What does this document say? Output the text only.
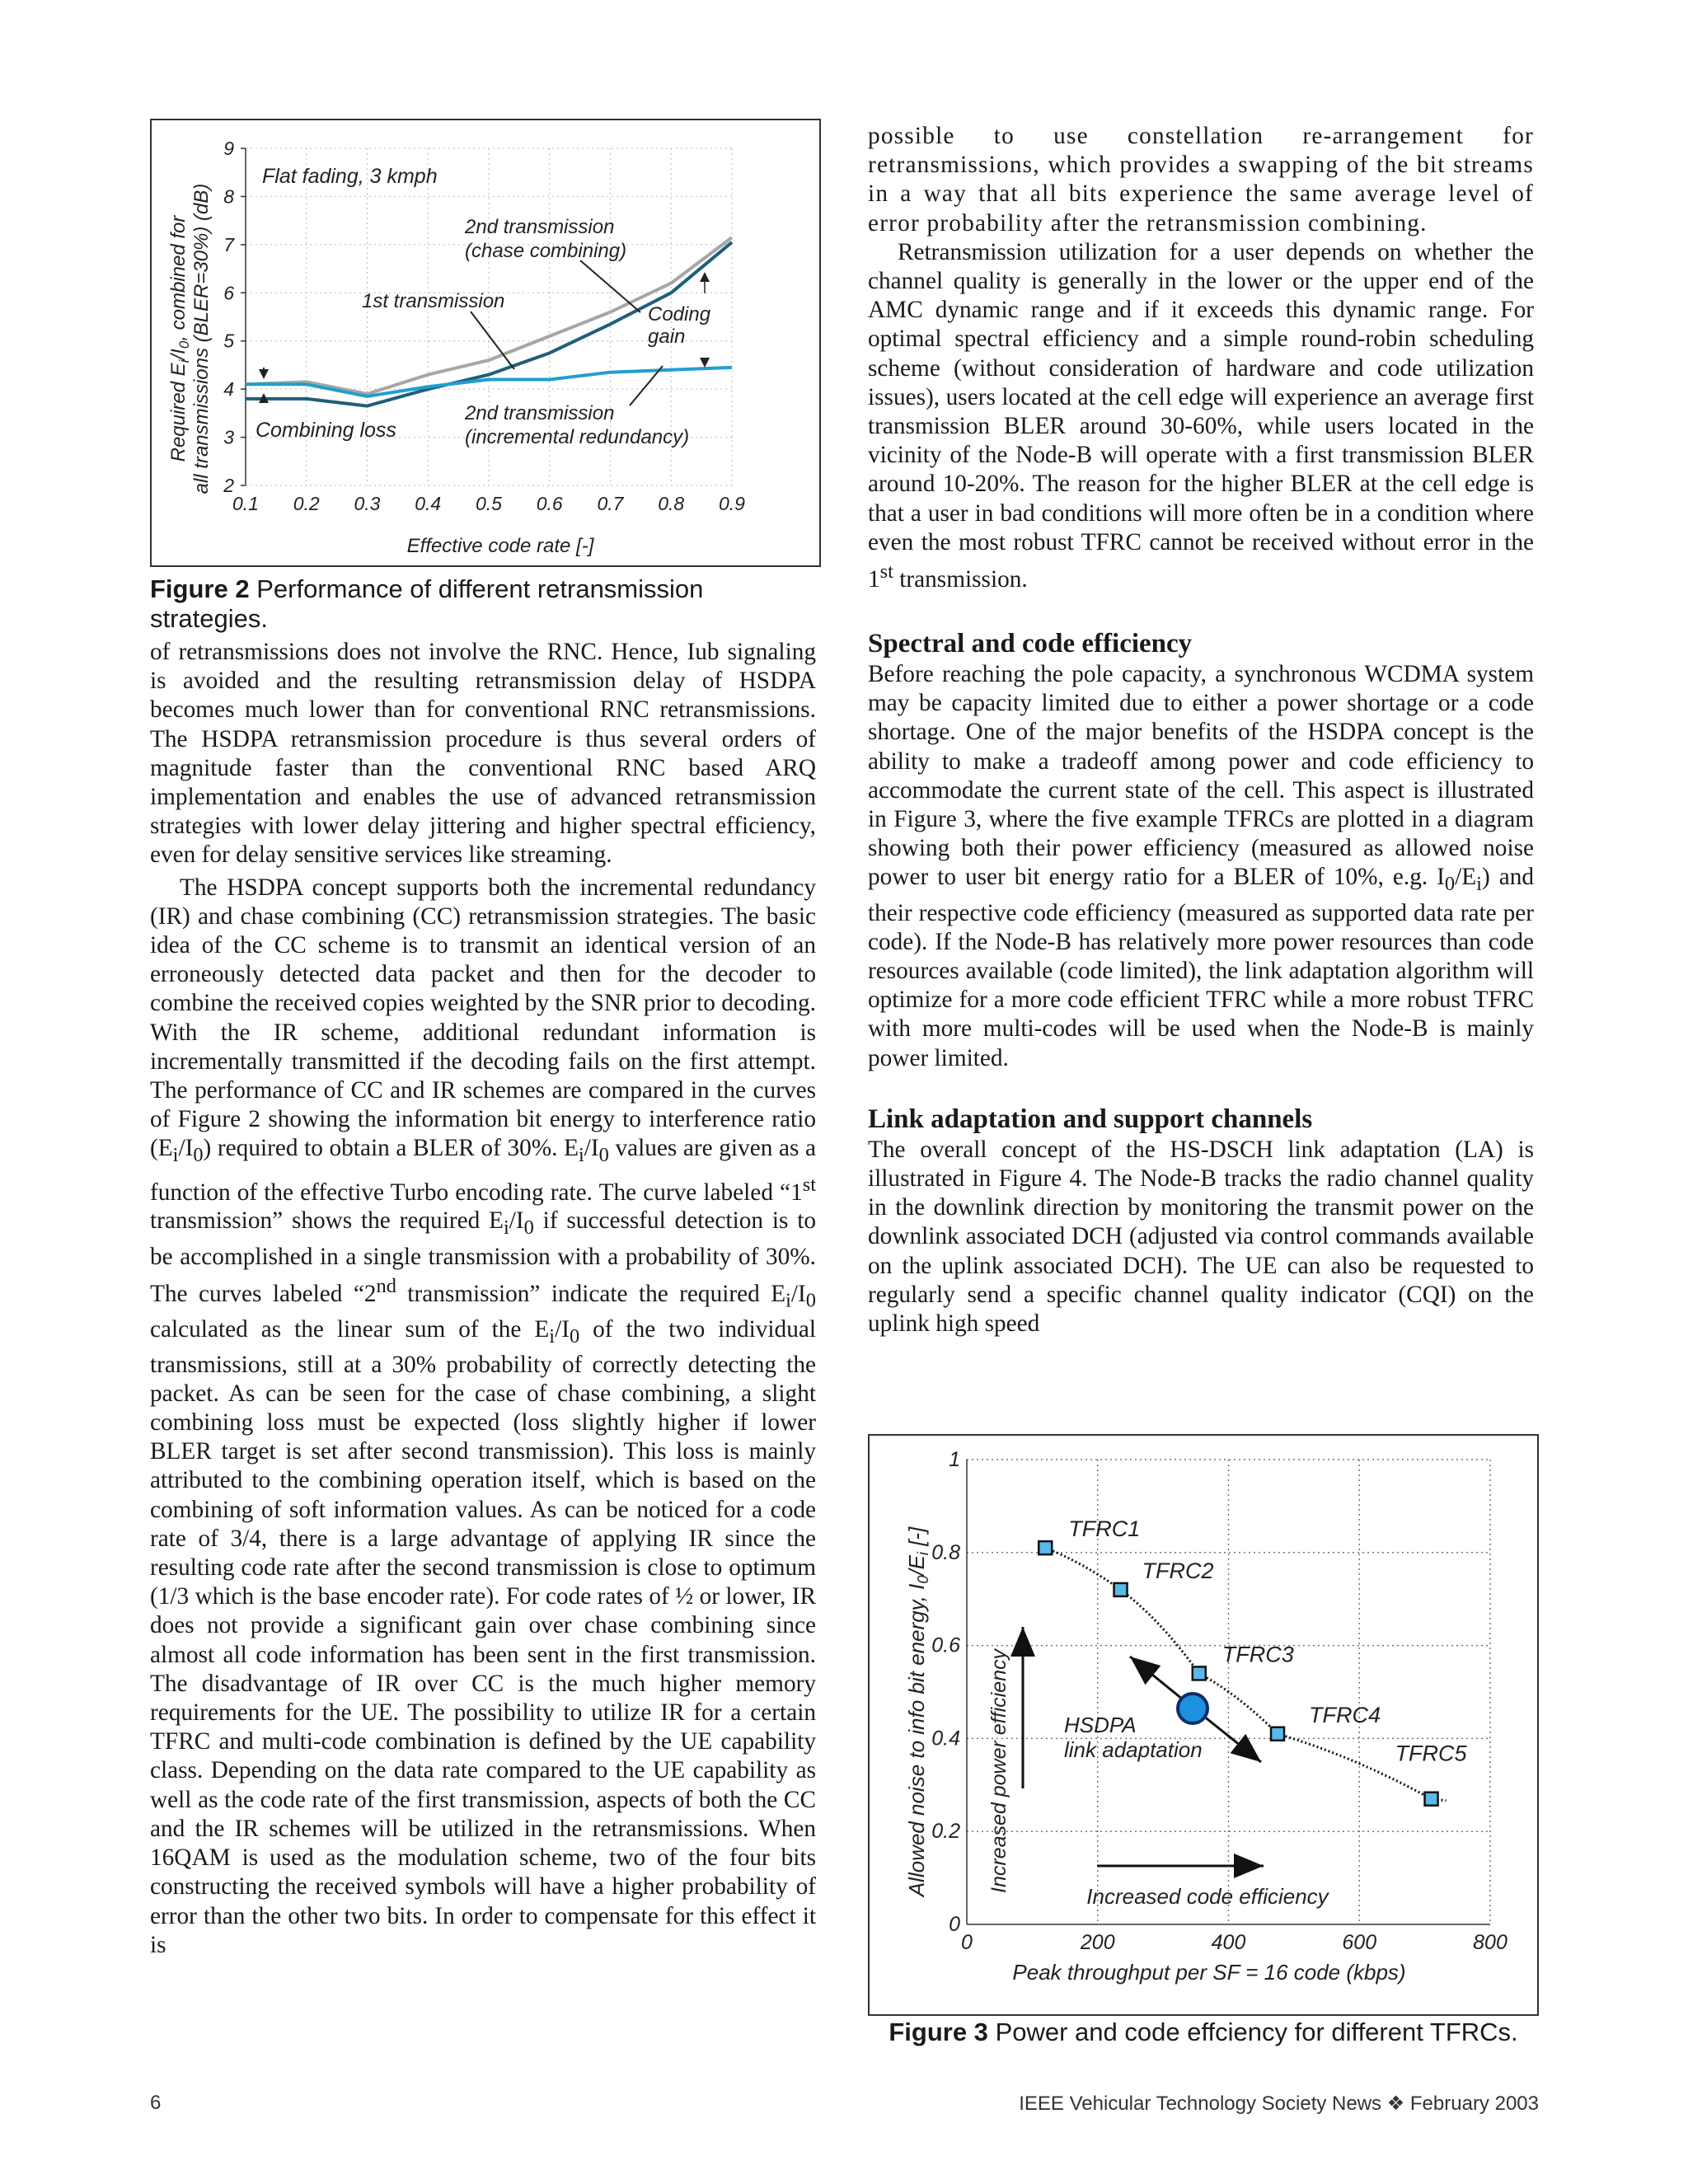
0.1 0.2 0.3 0.4 0.5 0.6 0.7 0.8 0.9
2
3
4
5
6
7
8
9
Required $E_i/I_0$, combined for all transmissions (BLER=30%) (dB)
Effective code rate [-]
Flat fading, 3 kmph
2nd transmission
(chase combining)
1st transmission
Coding
gain
Combining loss
2nd transmission
(incremental redundancy)
Figure 2 Performance of different retransmission strategies.

of retransmissions does not involve the RNC. Hence, Iub signaling is avoided and the resulting retransmission delay of HSDPA becomes much lower than for conventional RNC retransmissions. The HSDPA retransmission procedure is thus several orders of magnitude faster than the conventional RNC based ARQ implementation and enables the use of advanced retransmission strategies with lower delay jittering and higher spectral efficiency, even for delay sensitive services like streaming.

The HSDPA concept supports both the incremental redundancy (IR) and chase combining (CC) retransmission strategies. The basic idea of the CC scheme is to transmit an identical version of an erroneously detected data packet and then for the decoder to combine the received copies weighted by the SNR prior to decoding. With the IR scheme, additional redundant information is incrementally transmitted if the decoding fails on the first attempt. The performance of CC and IR schemes are compared in the curves of Figure 2 showing the information bit energy to interference ratio $(E_i/I_0)$ required to obtain a BLER of 30%. $E_i/I_0$ values are given as a function of the effective Turbo encoding rate. The curve labeled “1st transmission” shows the required $E_i/I_0$ if successful detection is to be accomplished in a single transmission with a probability of 30%. The curves labeled “2nd transmission” indicate the required $E_i/I_0$ calculated as the linear sum of the $E_i/I_0$ of the two individual transmissions, still at a 30% probability of correctly detecting the packet. As can be seen for the case of chase combining, a slight combining loss must be expected (loss slightly higher if lower BLER target is set after second transmission). This loss is mainly attributed to the combining operation itself, which is based on the combining of soft information values. As can be noticed for a code rate of 3/4, there is a large advantage of applying IR since the resulting code rate after the second transmission is close to optimum (1/3 which is the base encoder rate). For code rates of ½ or lower, IR does not provide a significant gain over chase combining since almost all code information has been sent in the first transmission. The disadvantage of IR over CC is the much higher memory requirements for the UE. The possibility to utilize IR for a certain TFRC and multi-code combination is defined by the UE capability class. Depending on the data rate compared to the UE capability as well as the code rate of the first transmission, aspects of both the CC and the IR schemes will be utilized in the retransmissions. When 16QAM is used as the modulation scheme, two of the four bits constructing the received symbols will have a higher probability of error than the other two bits. In order to compensate for this effect it is

possible to use constellation re-arrangement for retransmissions, which provides a swapping of the bit streams in a way that all bits experience the same average level of error probability after the retransmission combining.

Retransmission utilization for a user depends on whether the channel quality is generally in the lower or the upper end of the AMC dynamic range and if it exceeds this dynamic range. For optimal spectral efficiency and a simple round-robin scheduling scheme (without consideration of hardware and code utilization issues), users located at the cell edge will experience an average first transmission BLER around 30-60%, while users located in the vicinity of the Node-B will operate with a first transmission BLER around 10-20%. The reason for the higher BLER at the cell edge is that a user in bad conditions will more often be in a condition where even the most robust TFRC cannot be received without error in the 1st transmission.

Spectral and code efficiency

Before reaching the pole capacity, a synchronous WCDMA system may be capacity limited due to either a power shortage or a code shortage. One of the major benefits of the HSDPA concept is the ability to make a tradeoff among power and code efficiency to accommodate the current state of the cell. This aspect is illustrated in Figure 3, where the five example TFRCs are plotted in a diagram showing both their power efficiency (measured as allowed noise power to user bit energy ratio for a BLER of 10%, e.g. $I_0/E_i$) and their respective code efficiency (measured as supported data rate per code). If the Node-B has relatively more power resources than code resources available (code limited), the link adaptation algorithm will optimize for a more code efficient TFRC while a more robust TFRC with more multi-codes will be used when the Node-B is mainly power limited.

Link adaptation and support channels

The overall concept of the HS-DSCH link adaptation (LA) is illustrated in Figure 4. The Node-B tracks the radio channel quality in the downlink direction by monitoring the transmit power on the downlink associated DCH (adjusted via control commands available on the uplink associated DCH). The UE can also be requested to regularly send a specific channel quality indicator (CQI) on the uplink high speed

0	200	400	600	800
0
0.2
0.4
0.6
0.8
1
TFRC1
TFRC2
TFRC3
TFRC4
TFRC5
Allowed noise to info bit energy, I0/Ei [-]
Peak throughput per SF = 16 code (kbps)
Increased power efficiency
Increased code efficiency
HSDPA
link adaptation
Figure 3 Power and code effciency for different TFRCs.
6	IEEE Vehicular Technology Society News ❖ February 2003
